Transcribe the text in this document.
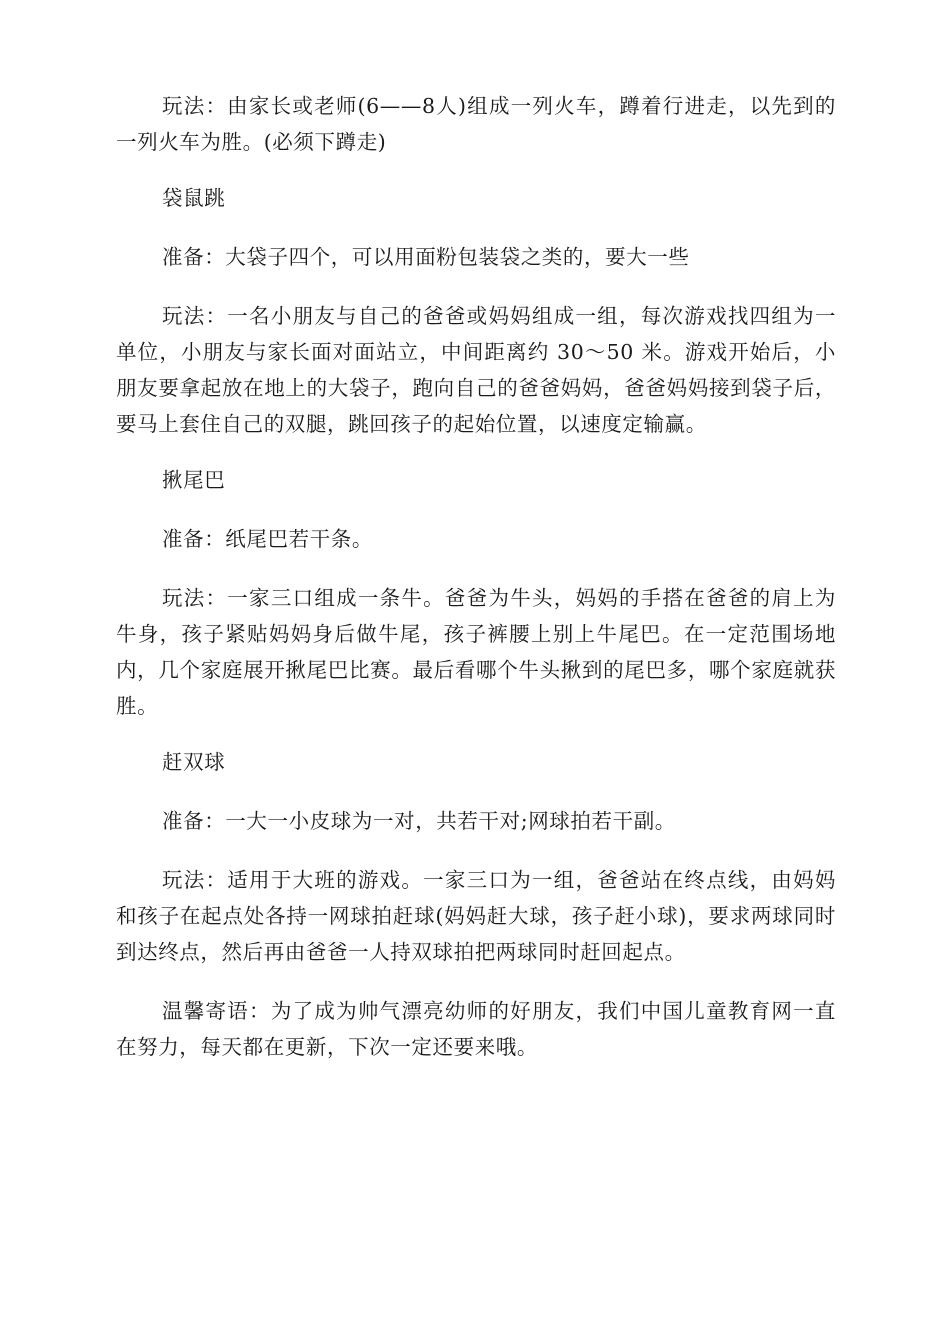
玩法：由家长或老师(6——8人)组成一列火车，蹲着行进走，以先到的一列火车为胜。(必须下蹲走)

袋鼠跳

准备：大袋子四个，可以用面粉包装袋之类的，要大一些

玩法：一名小朋友与自己的爸爸或妈妈组成一组，每次游戏找四组为一单位，小朋友与家长面对面站立，中间距离约 30～50 米。游戏开始后，小朋友要拿起放在地上的大袋子，跑向自己的爸爸妈妈，爸爸妈妈接到袋子后，要马上套住自己的双腿，跳回孩子的起始位置，以速度定输赢。

揪尾巴

准备：纸尾巴若干条。

玩法：一家三口组成一条牛。爸爸为牛头，妈妈的手搭在爸爸的肩上为牛身，孩子紧贴妈妈身后做牛尾，孩子裤腰上别上牛尾巴。在一定范围场地内，几个家庭展开揪尾巴比赛。最后看哪个牛头揪到的尾巴多，哪个家庭就获胜。

赶双球

准备：一大一小皮球为一对，共若干对;网球拍若干副。

玩法：适用于大班的游戏。一家三口为一组，爸爸站在终点线，由妈妈和孩子在起点处各持一网球拍赶球(妈妈赶大球，孩子赶小球)，要求两球同时到达终点，然后再由爸爸一人持双球拍把两球同时赶回起点。

温馨寄语：为了成为帅气漂亮幼师的好朋友，我们中国儿童教育网一直在努力，每天都在更新，下次一定还要来哦。
